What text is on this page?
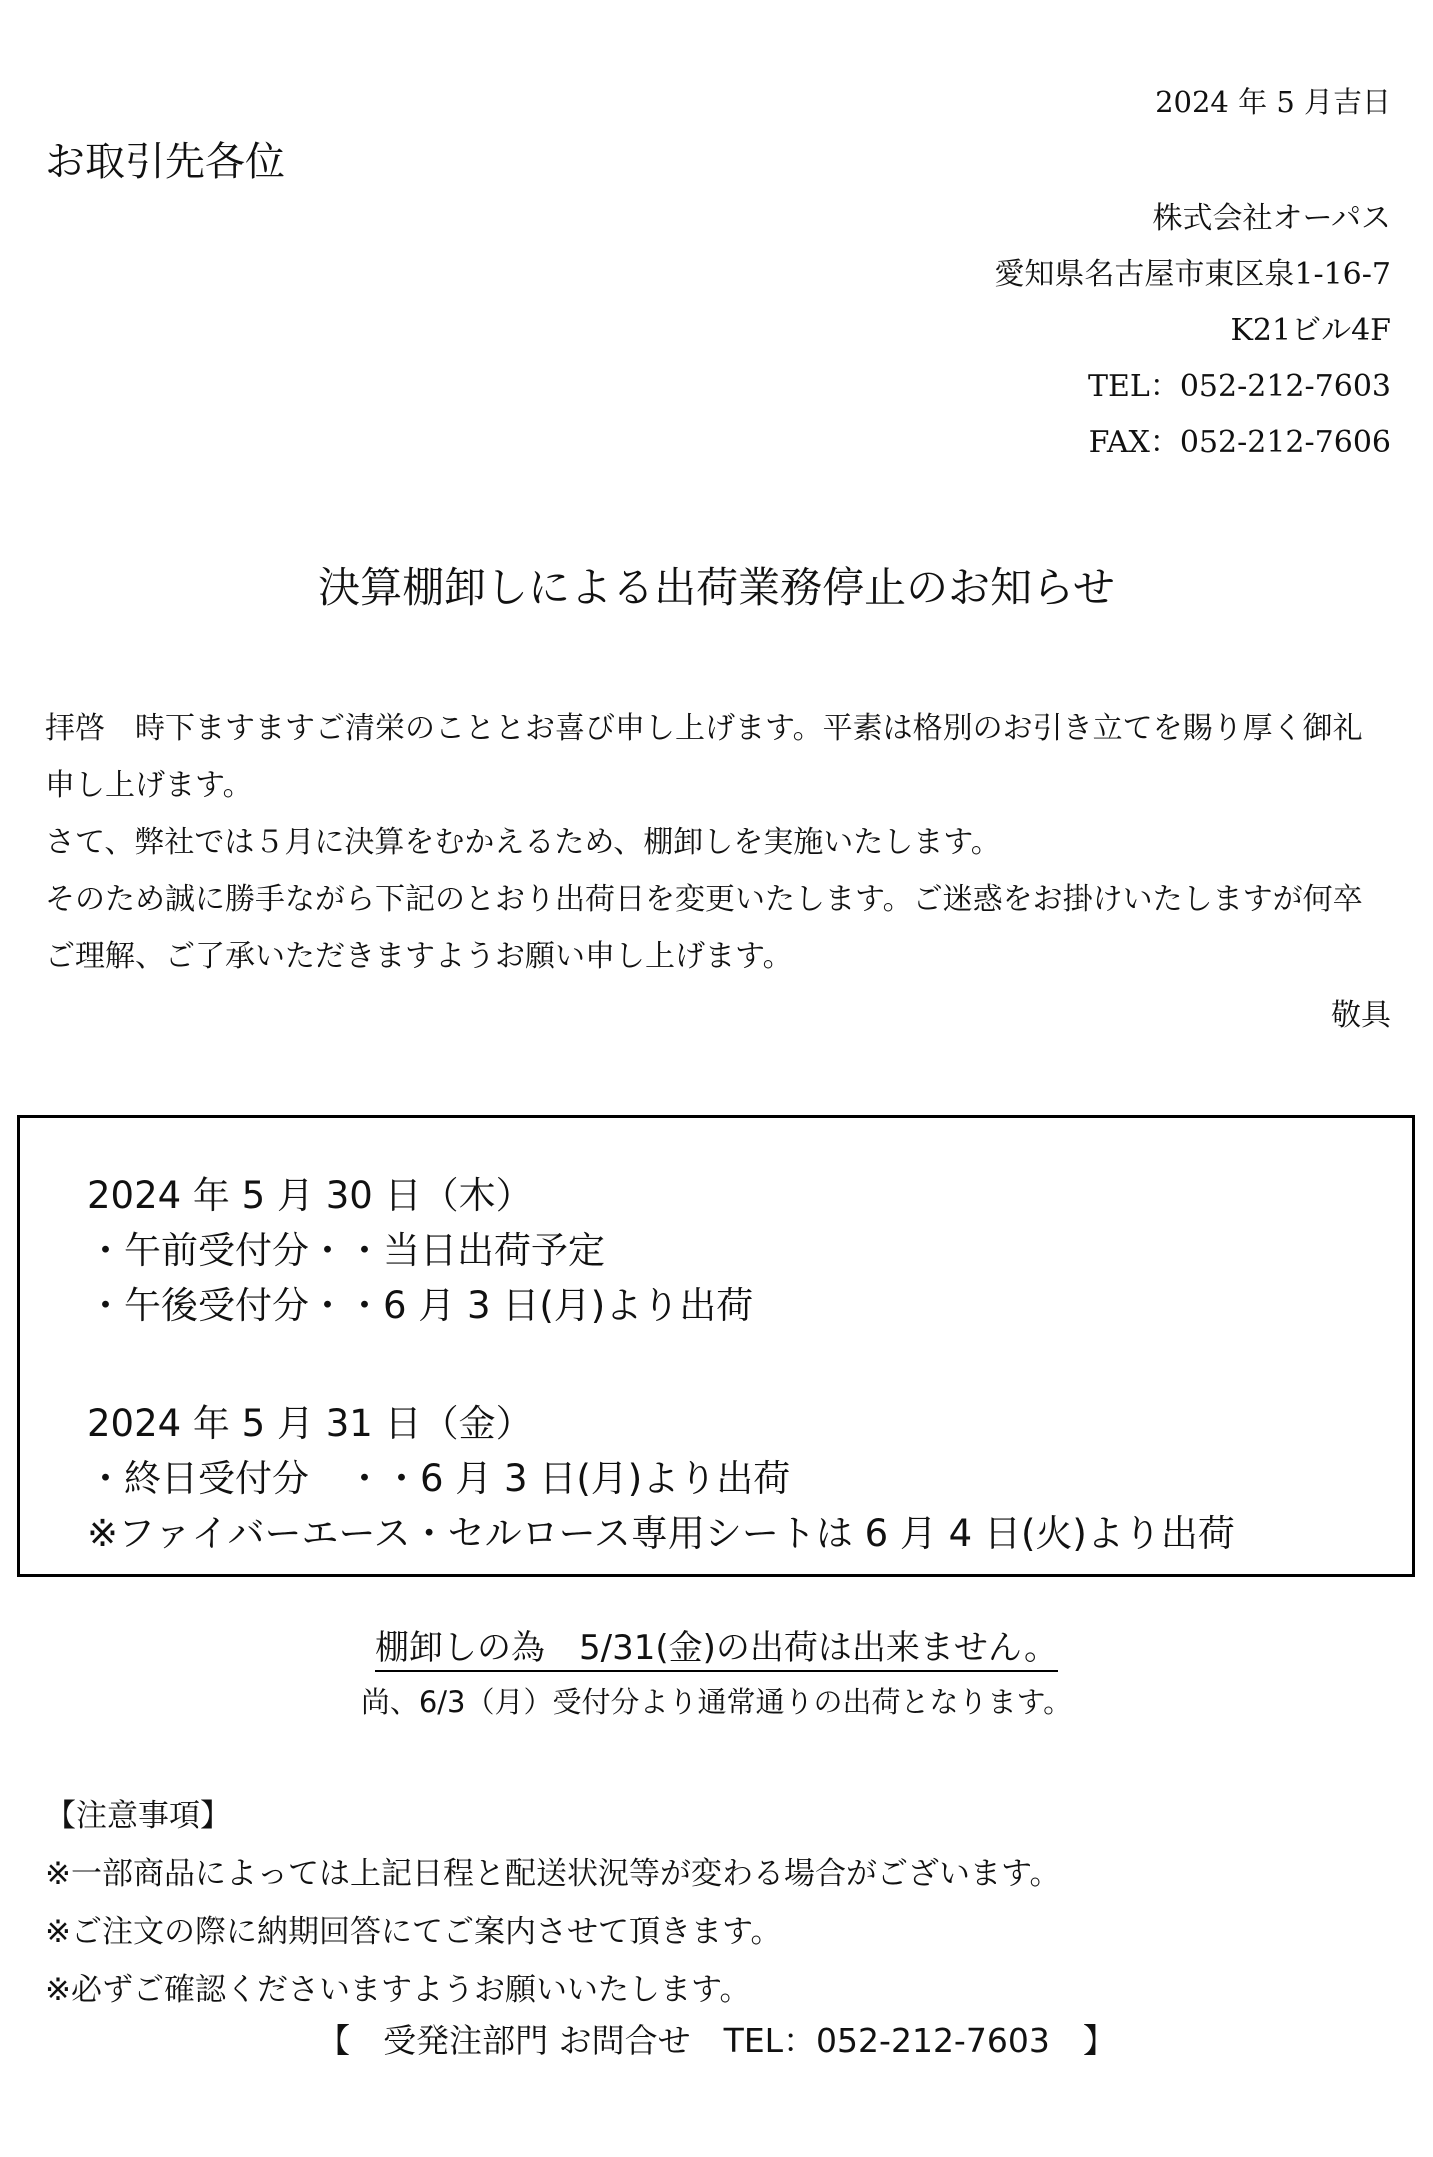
2024 年 5 月吉日
お取引先各位
株式会社オーパス
愛知県名古屋市東区泉1-16-7
K21ビル4F
TEL：052-212-7603
FAX：052-212-7606
決算棚卸しによる出荷業務停止のお知らせ

拝啓　時下ますますご清栄のこととお喜び申し上げます。平素は格別のお引き立てを賜り厚く御礼申し上げます。

さて、弊社では５月に決算をむかえるため、棚卸しを実施いたします。

そのため誠に勝手ながら下記のとおり出荷日を変更いたします。ご迷惑をお掛けいたしますが何卒ご理解、ご了承いただきますようお願い申し上げます。

敬具
2024 年 5 月 30 日（木）
・午前受付分・・当日出荷予定
・午後受付分・・6 月 3 日(月)より出荷
2024 年 5 月 31 日（金）
・終日受付分　・・6 月 3 日(月)より出荷
※ファイバーエース・セルロース専用シートは 6 月 4 日(火)より出荷
棚卸しの為　5/31(金)の出荷は出来ません。
尚、6/3（月）受付分より通常通りの出荷となります。
【注意事項】
※一部商品によっては上記日程と配送状況等が変わる場合がございます。
※ご注文の際に納期回答にてご案内させて頂きます。
※必ずご確認くださいますようお願いいたします。
【　受発注部門 お問合せ　TEL：052-212-7603　】
